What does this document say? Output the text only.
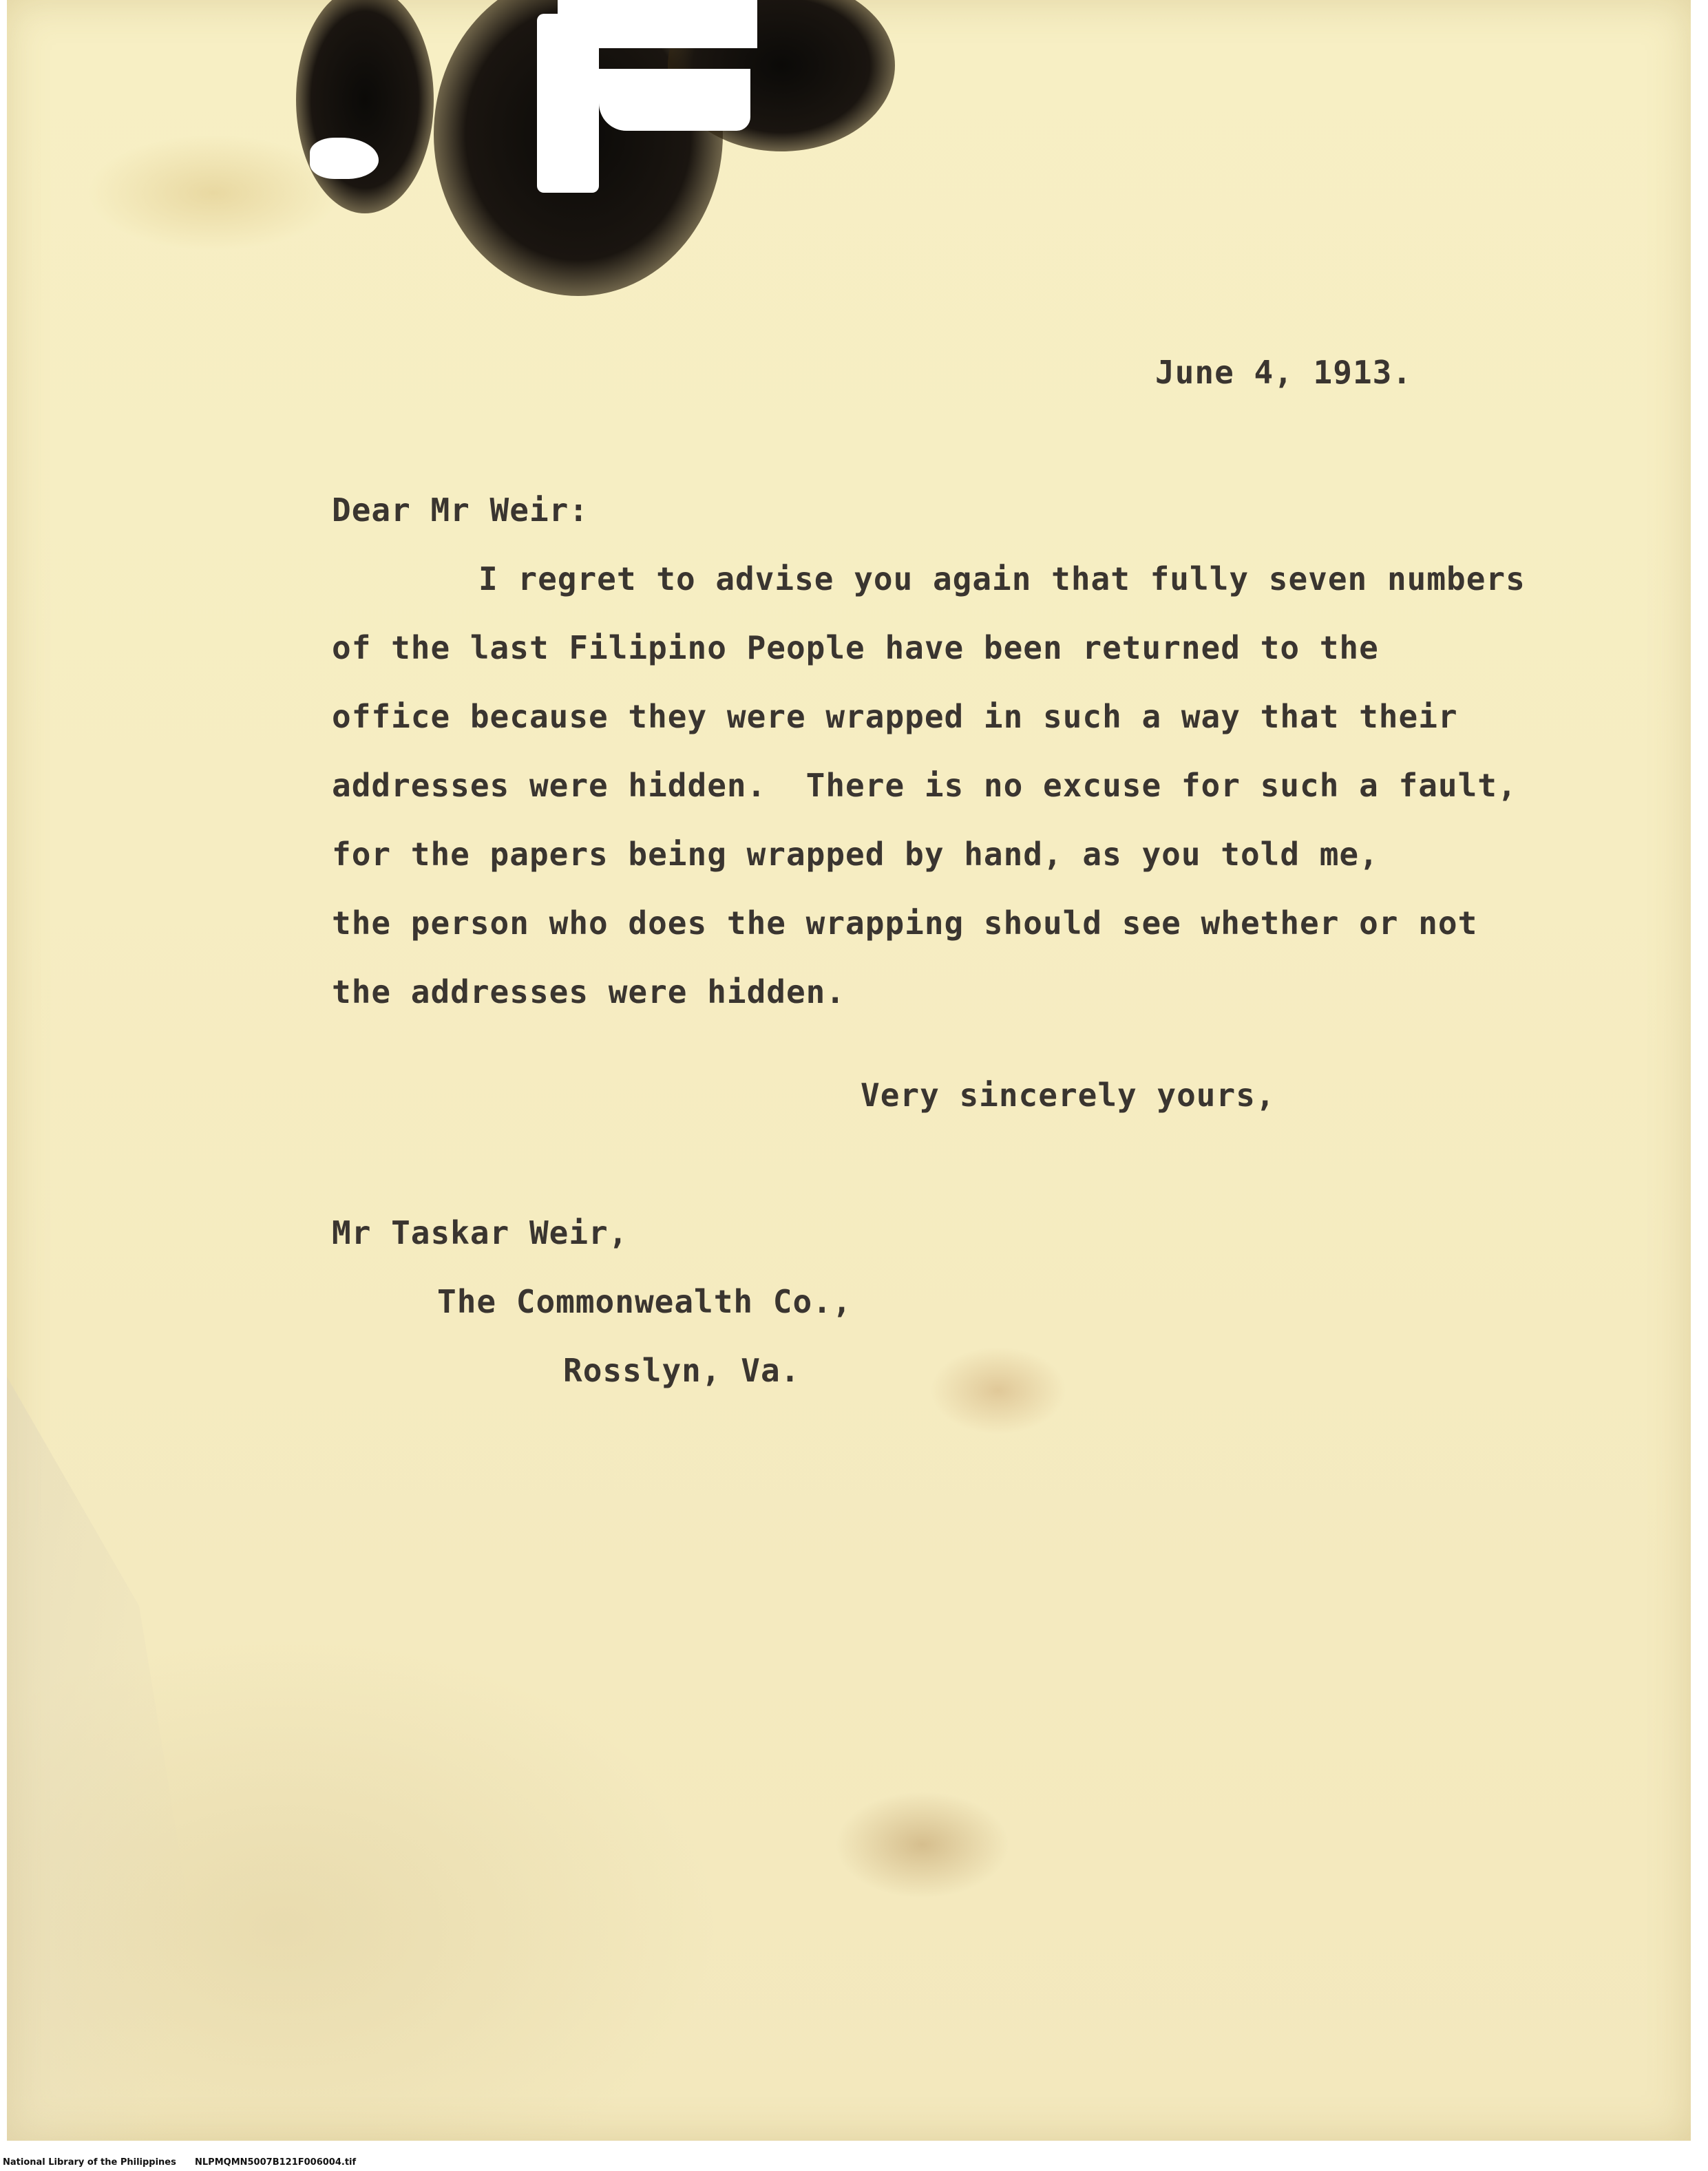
June 4, 1913.
Dear Mr Weir:
I regret to advise you again that fully seven numbers
of the last Filipino People have been returned to the
office because they were wrapped in such a way that their
addresses were hidden.  There is no excuse for such a fault,
for the papers being wrapped by hand, as you told me,
the person who does the wrapping should see whether or not
the addresses were hidden.
Very sincerely yours,
Mr Taskar Weir,
The Commonwealth Co.,
Rosslyn, Va.
National Library of the Philippines NLPMQMN5007B121F006004.tif
